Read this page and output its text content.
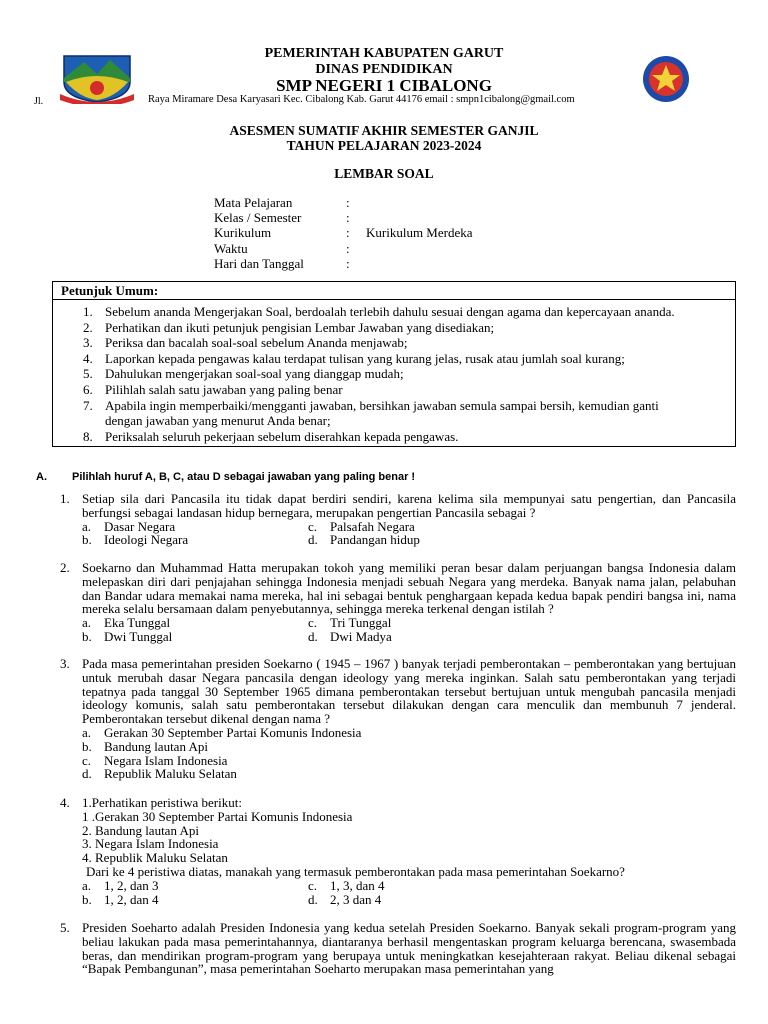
PEMERINTAH KABUPATEN GARUT
DINAS PENDIDIKAN
SMP NEGERI 1 CIBALONG
Jl.	Raya Miramare Desa Karyasari Kec. Cibalong Kab. Garut 44176 email : smpn1cibalong@gmail.com
ASESMEN SUMATIF AKHIR SEMESTER GANJIL
TAHUN PELAJARAN 2023-2024
LEMBAR SOAL
Mata Pelajaran	:
Kelas / Semester	:
Kurikulum	: Kurikulum Merdeka
Waktu	:
Hari dan Tanggal	:
Petunjuk Umum:
1. Sebelum ananda Mengerjakan Soal, berdoalah terlebih dahulu sesuai dengan agama dan kepercayaan ananda.
2. Perhatikan dan ikuti petunjuk pengisian Lembar Jawaban yang disediakan;
3. Periksa dan bacalah soal-soal sebelum Ananda menjawab;
4. Laporkan kepada pengawas kalau terdapat tulisan yang kurang jelas, rusak atau jumlah soal kurang;
5. Dahulukan mengerjakan soal-soal yang dianggap mudah;
6. Pilihlah salah satu jawaban yang paling benar
7. Apabila ingin memperbaiki/mengganti jawaban, bersihkan jawaban semula sampai bersih, kemudian ganti dengan jawaban yang menurut Anda benar;
8. Periksalah seluruh pekerjaan sebelum diserahkan kepada pengawas.
A. Pilihlah huruf A, B, C, atau D sebagai jawaban yang paling benar !
1. Setiap sila dari Pancasila itu tidak dapat berdiri sendiri, karena kelima sila mempunyai satu pengertian, dan Pancasila berfungsi sebagai landasan hidup bernegara, merupakan pengertian Pancasila sebagai ?
a. Dasar Negara	c. Palsafah Negara
b. Ideologi Negara	d. Pandangan hidup
2. Soekarno dan Muhammad Hatta merupakan tokoh yang memiliki peran besar dalam perjuangan bangsa Indonesia dalam melepaskan diri dari penjajahan sehingga Indonesia menjadi sebuah Negara yang merdeka. Banyak nama jalan, pelabuhan dan Bandar udara memakai nama mereka, hal ini sebagai bentuk penghargaan kepada kedua bapak pendiri bangsa ini, nama mereka selalu bersamaan dalam penyebutannya, sehingga mereka terkenal dengan istilah ?
a. Eka Tunggal	c. Tri Tunggal
b. Dwi Tunggal	d. Dwi Madya
3. Pada masa pemerintahan presiden Soekarno ( 1945 – 1967 ) banyak terjadi pemberontakan – pemberontakan yang bertujuan untuk merubah dasar Negara pancasila dengan ideology yang mereka inginkan. Salah satu pemberontakan yang terjadi tepatnya pada tanggal 30 September 1965 dimana pemberontakan tersebut bertujuan untuk mengubah pancasila menjadi ideology komunis, salah satu pemberontakan tersebut dilakukan dengan cara menculik dan membunuh 7 jenderal. Pemberontakan tersebut dikenal dengan nama ?
a. Gerakan 30 September Partai Komunis Indonesia
b. Bandung lautan Api
c. Negara Islam Indonesia
d. Republik Maluku Selatan
4. 1.Perhatikan peristiwa berikut:
1 .Gerakan 30 September Partai Komunis Indonesia
2. Bandung lautan Api
3. Negara Islam Indonesia
4. Republik Maluku Selatan
Dari ke 4 peristiwa diatas, manakah yang termasuk pemberontakan pada masa pemerintahan Soekarno?
a. 1, 2, dan 3	c. 1, 3, dan 4
b. 1, 2, dan 4	d. 2, 3 dan 4
5. Presiden Soeharto adalah Presiden Indonesia yang kedua setelah Presiden Soekarno. Banyak sekali program-program yang beliau lakukan pada masa pemerintahannya, diantaranya berhasil mengentaskan program keluarga berencana, swasembada beras, dan mendirikan program-program yang berupaya untuk meningkatkan kesejahteraan rakyat. Beliau dikenal sebagai “Bapak Pembangunan”, masa pemerintahan Soeharto merupakan masa pemerintahan yang
